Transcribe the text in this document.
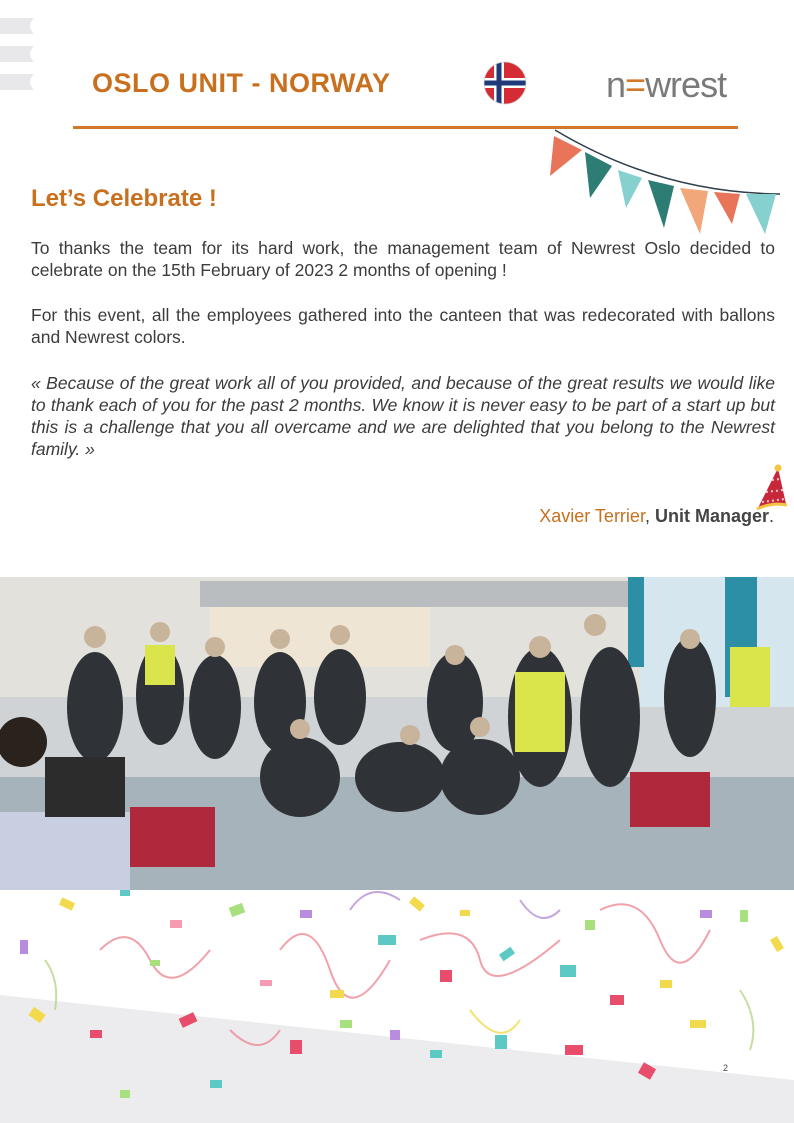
OSLO UNIT - NORWAY	n=wrest
Let’s Celebrate !

To thanks the team for its hard work, the management team of Newrest Oslo decided to celebrate on the 15th February of 2023 2 months of opening !

For this event, all the employees gathered into the canteen that was redecorated with ballons and Newrest colors.

« Because of the great work all of you provided, and because of the great results we would like to thank each of you for the past 2 months. We know it is never easy to be part of a start up but this is a challenge that you all overcame and we are delighted that you belong to the Newrest family. »

Xavier Terrier, Unit Manager.
2
